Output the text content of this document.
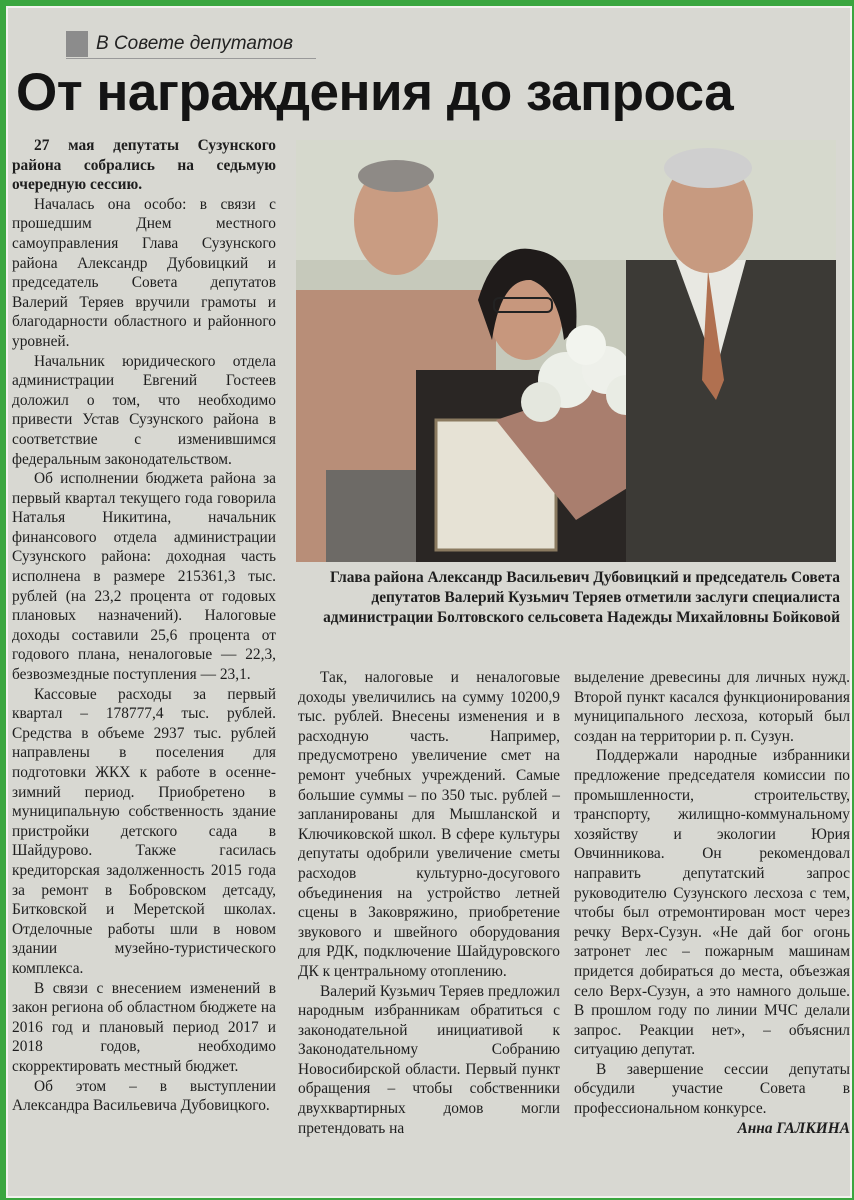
В Совете депутатов
От награждения до запроса

27 мая депутаты Сузунского района собрались на седьмую очередную сессию.

Началась она особо: в связи с прошедшим Днем местного самоуправления Глава Сузунского района Александр Дубовицкий и председатель Совета депутатов Валерий Теряев вручили грамоты и благодарности областного и районного уровней.

Начальник юридического отдела администрации Евгений Гостеев доложил о том, что необходимо привести Устав Сузунского района в соответствие с изменившимся федеральным законодательством.

Об исполнении бюджета района за первый квартал текущего года говорила Наталья Никитина, начальник финансового отдела администрации Сузунского района: доходная часть исполнена в размере 215361,3 тыс. рублей (на 23,2 процента от годовых плановых назначений). Налоговые доходы составили 25,6 процента от годового плана, неналоговые — 22,3, безвозмездные поступления — 23,1.

Кассовые расходы за первый квартал – 178777,4 тыс. рублей. Средства в объеме 2937 тыс. рублей направлены в поселения для подготовки ЖКХ к работе в осенне-зимний период. Приобретено в муниципальную собственность здание пристройки детского сада в Шайдурово. Также гасилась кредиторская задолженность 2015 года за ремонт в Бобровском детсаду, Битковской и Меретской школах. Отделочные работы шли в новом здании музейно-туристического комплекса.

В связи с внесением изменений в закон региона об областном бюджете на 2016 год и плановый период 2017 и 2018 годов, необходимо скорректировать местный бюджет.

Об этом – в выступлении Александра Васильевича Дубовицкого.

Глава района Александр Васильевич Дубовицкий и председатель Совета депутатов Валерий Кузьмич Теряев отметили заслуги специалиста администрации Болтовского сельсовета Надежды Михайловны Бойковой

Так, налоговые и неналоговые доходы увеличились на сумму 10200,9 тыс. рублей. Внесены изменения и в расходную часть. Например, предусмотрено увеличение смет на ремонт учебных учреждений. Самые большие суммы – по 350 тыс. рублей – запланированы для Мышланской и Ключиковской школ. В сфере культуры депутаты одобрили увеличение сметы расходов культурно-досугового объединения на устройство летней сцены в Заковряжино, приобретение звукового и швейного оборудования для РДК, подключение Шайдуровского ДК к центральному отоплению.

Валерий Кузьмич Теряев предложил народным избранникам обратиться с законодательной инициативой к Законодательному Собранию Новосибирской области. Первый пункт обращения – чтобы собственники двухквартирных домов могли претендовать на

выделение древесины для личных нужд. Второй пункт касался функционирования муниципального лесхоза, который был создан на территории р. п. Сузун.

Поддержали народные избранники предложение председателя комиссии по промышленности, строительству, транспорту, жилищно-коммунальному хозяйству и экологии Юрия Овчинникова. Он рекомендовал направить депутатский запрос руководителю Сузунского лесхоза с тем, чтобы был отремонтирован мост через речку Верх-Сузун. «Не дай бог огонь затронет лес – пожарным машинам придется добираться до места, объезжая село Верх-Сузун, а это намного дольше. В прошлом году по линии МЧС делали запрос. Реакции нет», – объяснил ситуацию депутат.

В завершение сессии депутаты обсудили участие Совета в профессиональном конкурсе.

Анна ГАЛКИНА
